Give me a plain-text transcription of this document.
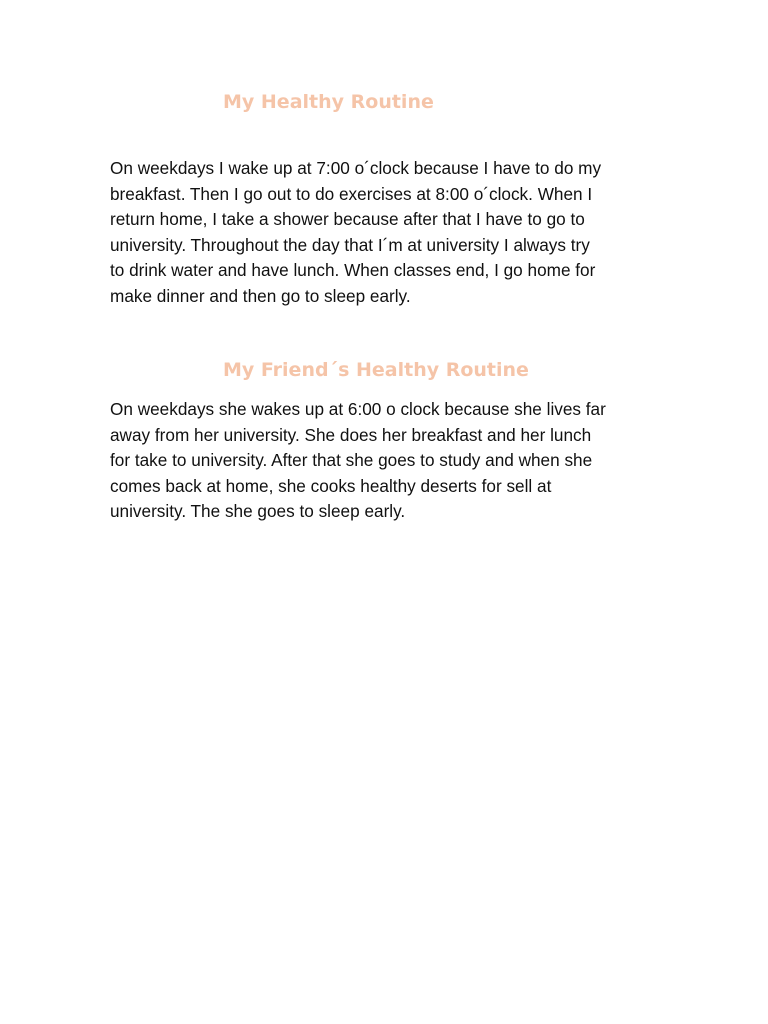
My Healthy Routine

On weekdays I wake up at 7:00 o´clock because I have to do my
breakfast. Then I go out to do exercises at 8:00 o´clock. When I
return home, I take a shower because after that I have to go to
university. Throughout the day that I´m at university I always try
to drink water and have lunch. When classes end, I go home for
make dinner and then go to sleep early.

My Friend´s Healthy Routine

On weekdays she wakes up at 6:00 o clock because she lives far
away from her university. She does her breakfast and her lunch
for take to university. After that she goes to study and when she
comes back at home, she cooks healthy deserts for sell at
university. The she goes to sleep early.
